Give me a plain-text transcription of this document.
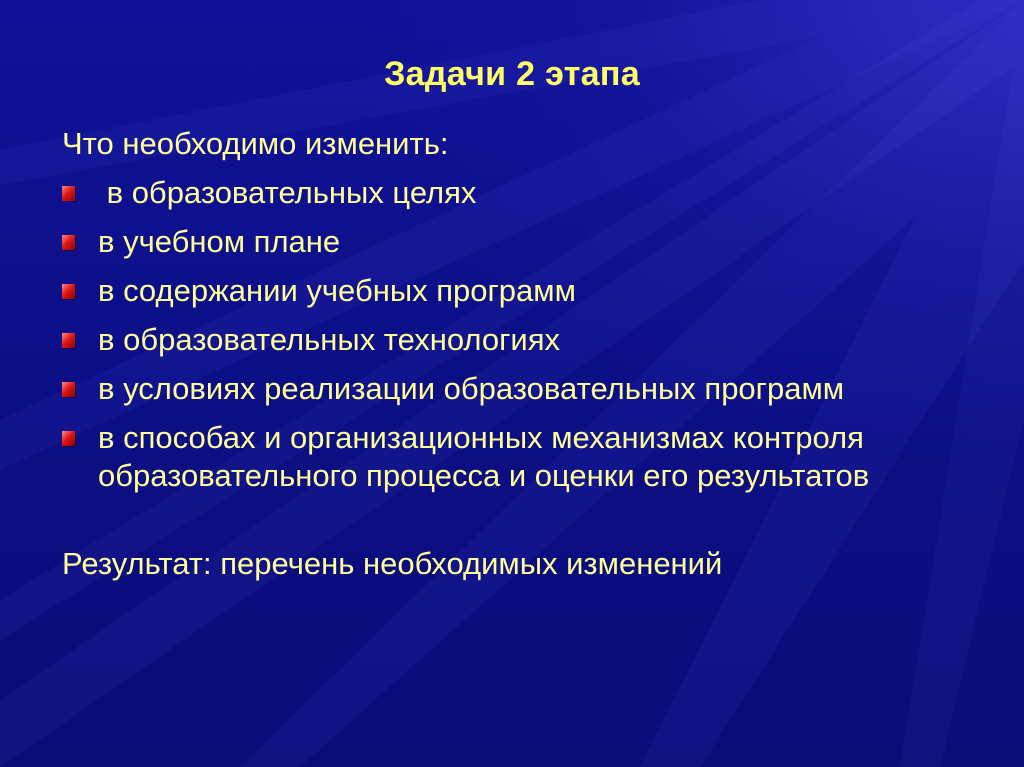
Задачи 2 этапа
Что необходимо изменить:
в образовательных целях
в учебном плане
в содержании учебных программ
в образовательных технологиях
в условиях реализации образовательных программ
в способах и организационных механизмах контроля образовательного процесса и оценки его результатов
Результат: перечень необходимых изменений
